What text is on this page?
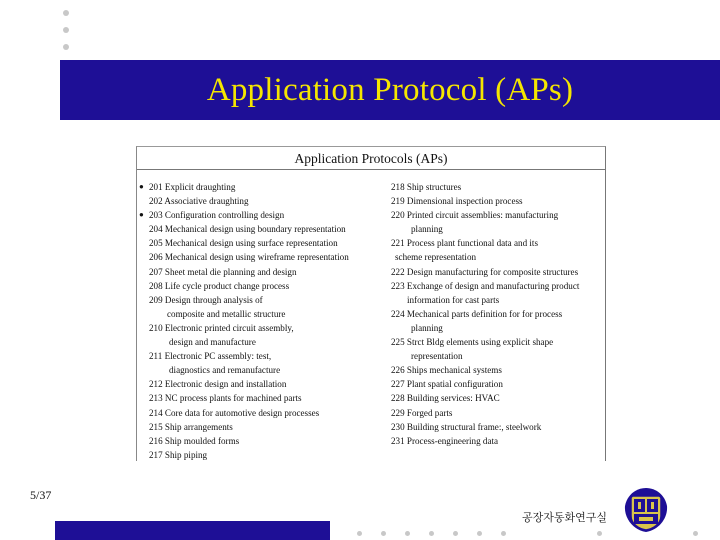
Application Protocol (APs)
Application Protocols (APs)
● 201 Explicit draughting
202 Associative draughting
● 203 Configuration controlling design
204 Mechanical design using boundary representation
205 Mechanical design using surface representation
206 Mechanical design using wireframe representation
207 Sheet metal die planning and design
208 Life cycle product change process
209 Design through analysis of
composite and metallic structure
210 Electronic printed circuit assembly,
design and manufacture
211 Electronic PC assembly: test,
diagnostics and remanufacture
212 Electronic design and installation
213 NC process plants for machined parts
214 Core data for automotive design processes
215 Ship arrangements
216 Ship moulded forms
217 Ship piping
218 Ship structures
219 Dimensional inspection process
220 Printed circuit assemblies: manufacturing
planning
221 Process plant functional data and its
scheme representation
222 Design manufacturing for composite structures
223 Exchange of design and manufacturing product
information for cast parts
224 Mechanical parts definition for for process
planning
225 Strct Bldg elements using explicit shape
representation
226 Ships mechanical systems
227 Plant spatial configuration
228 Building services: HVAC
229 Forged parts
230 Building structural frame:, steelwork
231 Process-engineering data
5/37
공장자동화연구실
